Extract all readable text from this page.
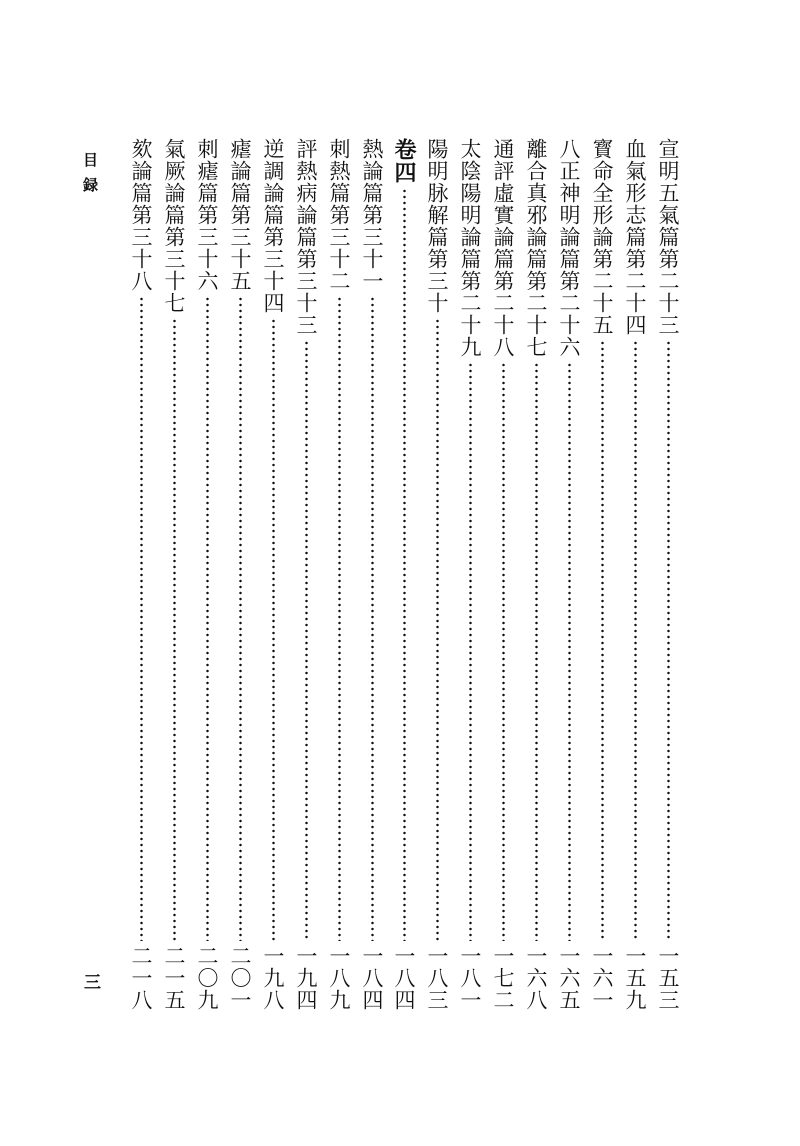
目録
三
宣明五氣篇第二十三
一五三
血氣形志篇第二十四
一五九
寳命全形論第二十五
一六一
八正神明論篇第二十六
一六五
離合真邪論篇第二十七
一六八
通評虛實論篇第二十八
一七二
太陰陽明論篇第二十九
一八一
陽明脉解篇第三十
一八三
卷四
一八四
熱論篇第三十一
一八四
刺熱篇第三十二
一八九
評熱病論篇第三十三
一九四
逆調論篇第三十四
一九八
瘧論篇第三十五
二〇一
刺瘧篇第三十六
二〇九
氣厥論篇第三十七
二一五
欬論篇第三十八
二一八
